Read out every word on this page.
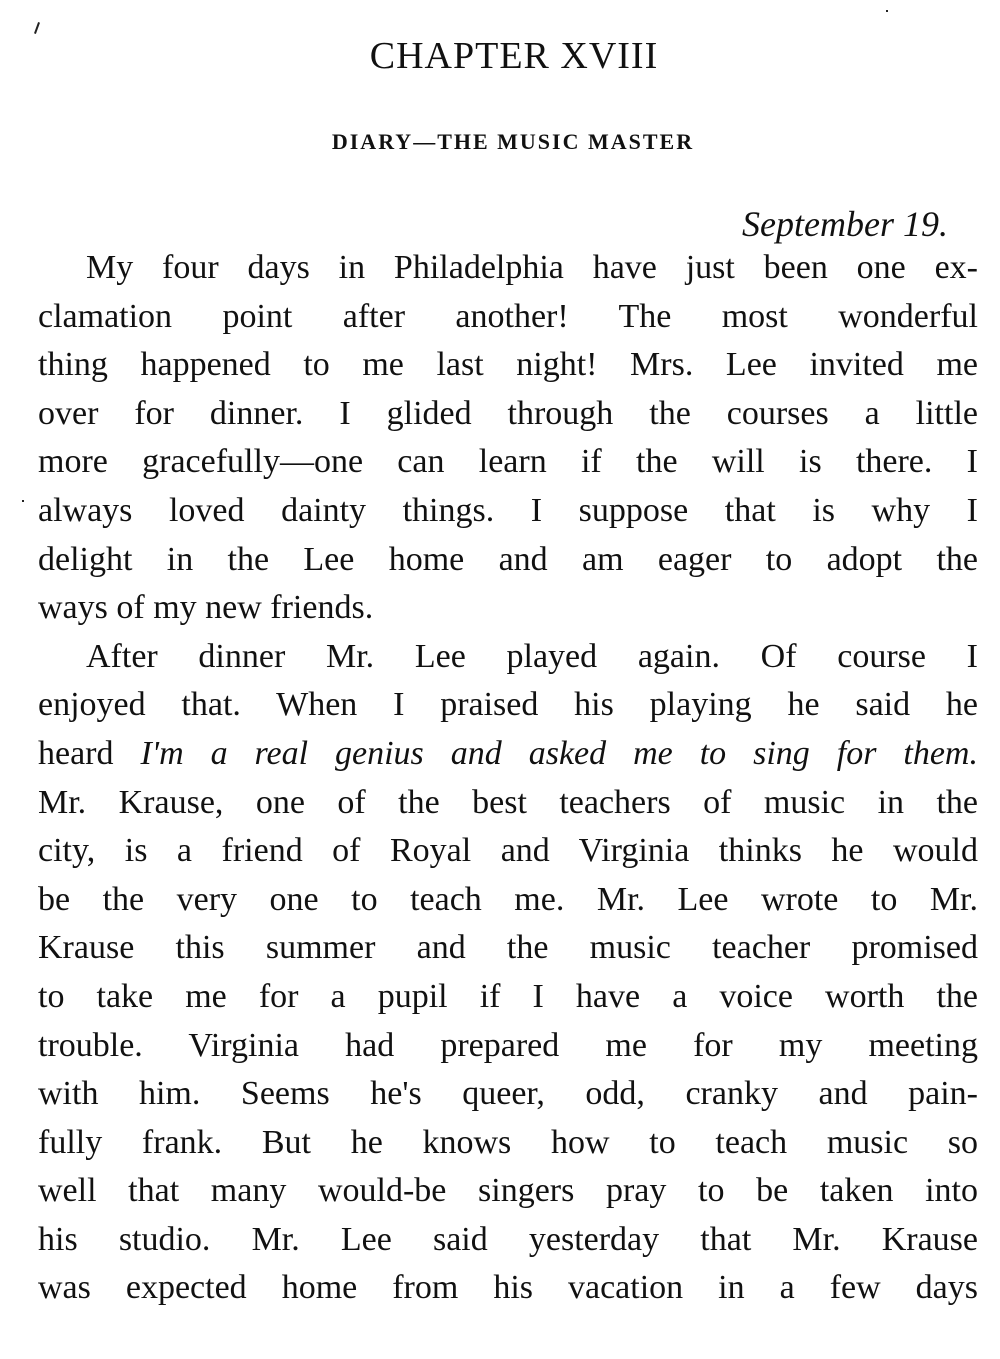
CHAPTER XVIII
DIARY—THE MUSIC MASTER
September 19.
My four days in Philadelphia have just been one ex-
clamation point after another! The most wonderful
thing happened to me last night! Mrs. Lee invited me
over for dinner. I glided through the courses a little
more gracefully—one can learn if the will is there. I
always loved dainty things. I suppose that is why I
delight in the Lee home and am eager to adopt the
ways of my new friends.
After dinner Mr. Lee played again. Of course I
enjoyed that. When I praised his playing he said he
heard I'm a real genius and asked me to sing for them.
Mr. Krause, one of the best teachers of music in the
city, is a friend of Royal and Virginia thinks he would
be the very one to teach me. Mr. Lee wrote to Mr.
Krause this summer and the music teacher promised
to take me for a pupil if I have a voice worth the
trouble. Virginia had prepared me for my meeting
with him. Seems he's queer, odd, cranky and pain-
fully frank. But he knows how to teach music so
well that many would-be singers pray to be taken into
his studio. Mr. Lee said yesterday that Mr. Krause
was expected home from his vacation in a few days
